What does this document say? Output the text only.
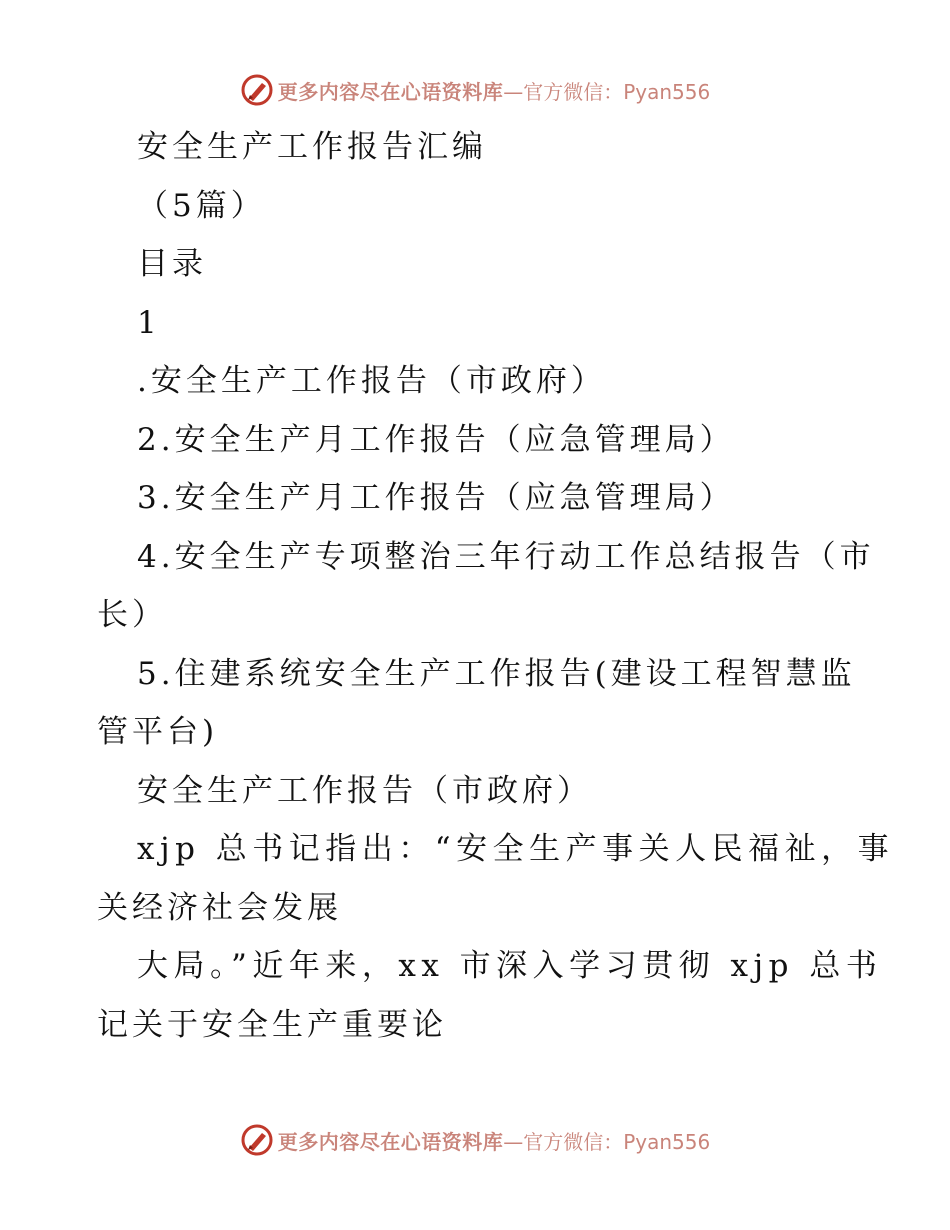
更多内容尽在心语资料库 —官方微信：Pyan556
安全生产工作报告汇编
（5篇）
目录
1
.安全生产工作报告（市政府）
2.安全生产月工作报告（应急管理局）
3.安全生产月工作报告（应急管理局）
4.安全生产专项整治三年行动工作总结报告（市
长）
5.住建系统安全生产工作报告(建设工程智慧监
管平台)
安全生产工作报告（市政府）
xjp 总书记指出：“安全生产事关人民福祉，事
关经济社会发展
大局。”近年来，xx 市深入学习贯彻 xjp 总书
记关于安全生产重要论
更多内容尽在心语资料库 —官方微信：Pyan556
